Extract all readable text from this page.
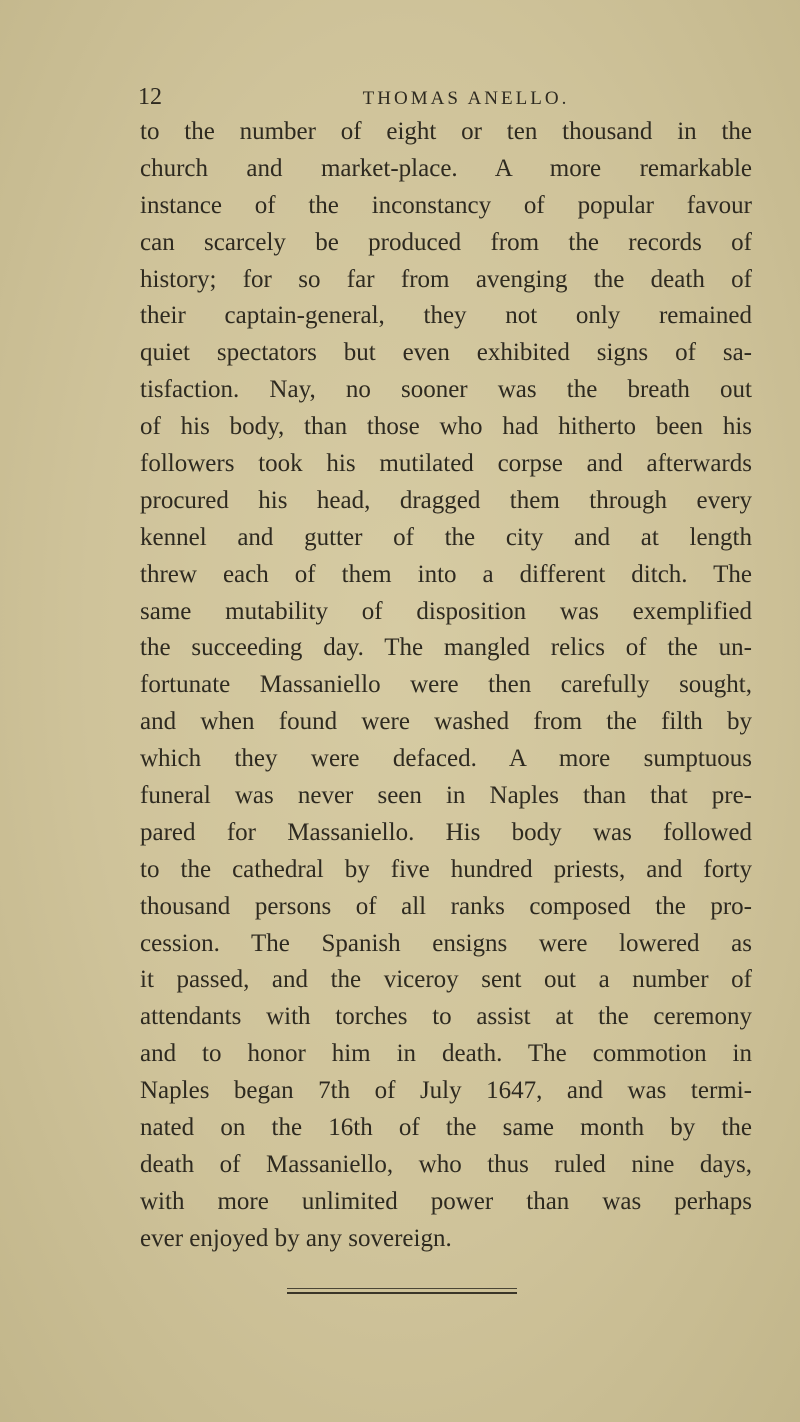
12	THOMAS ANELLO.
to the number of eight or ten thousand in the
church and market-place. A more remarkable
instance of the inconstancy of popular favour
can scarcely be produced from the records of
history; for so far from avenging the death of
their captain-general, they not only remained
quiet spectators but even exhibited signs of sa-
tisfaction. Nay, no sooner was the breath out
of his body, than those who had hitherto been his
followers took his mutilated corpse and afterwards
procured his head, dragged them through every
kennel and gutter of the city and at length
threw each of them into a different ditch. The
same mutability of disposition was exemplified
the succeeding day. The mangled relics of the un-
fortunate Massaniello were then carefully sought,
and when found were washed from the filth by
which they were defaced. A more sumptuous
funeral was never seen in Naples than that pre-
pared for Massaniello. His body was followed
to the cathedral by five hundred priests, and forty
thousand persons of all ranks composed the pro-
cession. The Spanish ensigns were lowered as
it passed, and the viceroy sent out a number of
attendants with torches to assist at the ceremony
and to honor him in death. The commotion in
Naples began 7th of July 1647, and was termi-
nated on the 16th of the same month by the
death of Massaniello, who thus ruled nine days,
with more unlimited power than was perhaps
ever enjoyed by any sovereign.
